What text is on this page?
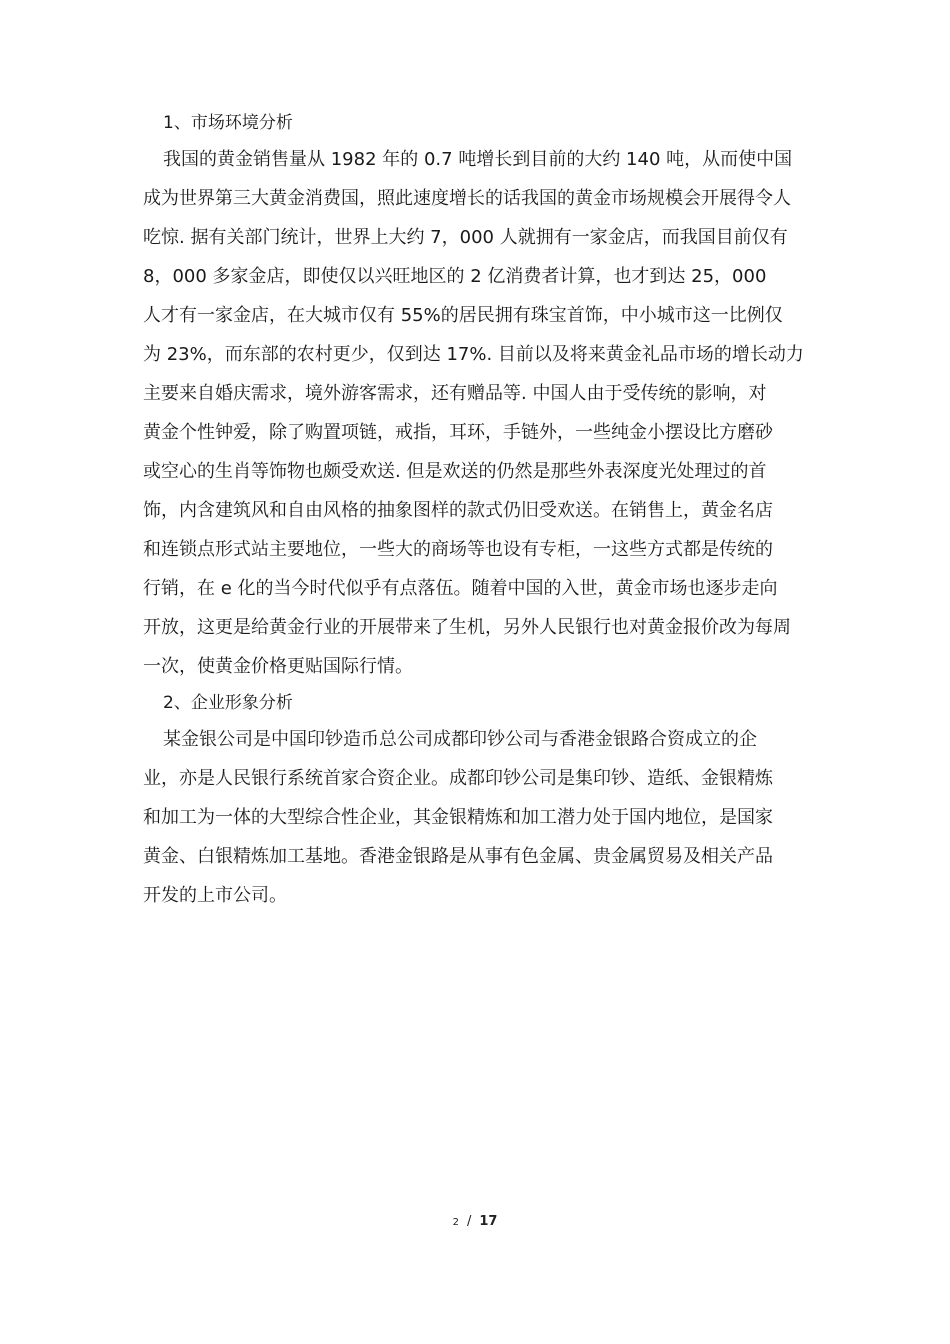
1、市场环境分析
我国的黄金销售量从 1982 年的 0.7 吨增长到目前的大约 140 吨，从而使中国
成为世界第三大黄金消费国，照此速度增长的话我国的黄金市场规模会开展得令人
吃惊. 据有关部门统计，世界上大约 7，000 人就拥有一家金店，而我国目前仅有
8，000 多家金店，即使仅以兴旺地区的 2 亿消费者计算，也才到达 25，000
人才有一家金店，在大城市仅有 55%的居民拥有珠宝首饰，中小城市这一比例仅
为 23%，而东部的农村更少，仅到达 17%. 目前以及将来黄金礼品市场的增长动力
主要来自婚庆需求，境外游客需求，还有赠品等. 中国人由于受传统的影响，对
黄金个性钟爱，除了购置项链，戒指，耳环，手链外，一些纯金小摆设比方磨砂
或空心的生肖等饰物也颇受欢送. 但是欢送的仍然是那些外表深度光处理过的首
饰，内含建筑风和自由风格的抽象图样的款式仍旧受欢送。在销售上，黄金名店
和连锁点形式站主要地位，一些大的商场等也设有专柜，一这些方式都是传统的
行销，在 e 化的当今时代似乎有点落伍。随着中国的入世，黄金市场也逐步走向
开放，这更是给黄金行业的开展带来了生机，另外人民银行也对黄金报价改为每周
一次，使黄金价格更贴国际行情。
2、企业形象分析
某金银公司是中国印钞造币总公司成都印钞公司与香港金银路合资成立的企
业，亦是人民银行系统首家合资企业。成都印钞公司是集印钞、造纸、金银精炼
和加工为一体的大型综合性企业，其金银精炼和加工潜力处于国内地位，是国家
黄金、白银精炼加工基地。香港金银路是从事有色金属、贵金属贸易及相关产品
开发的上市公司。
2 / 17
